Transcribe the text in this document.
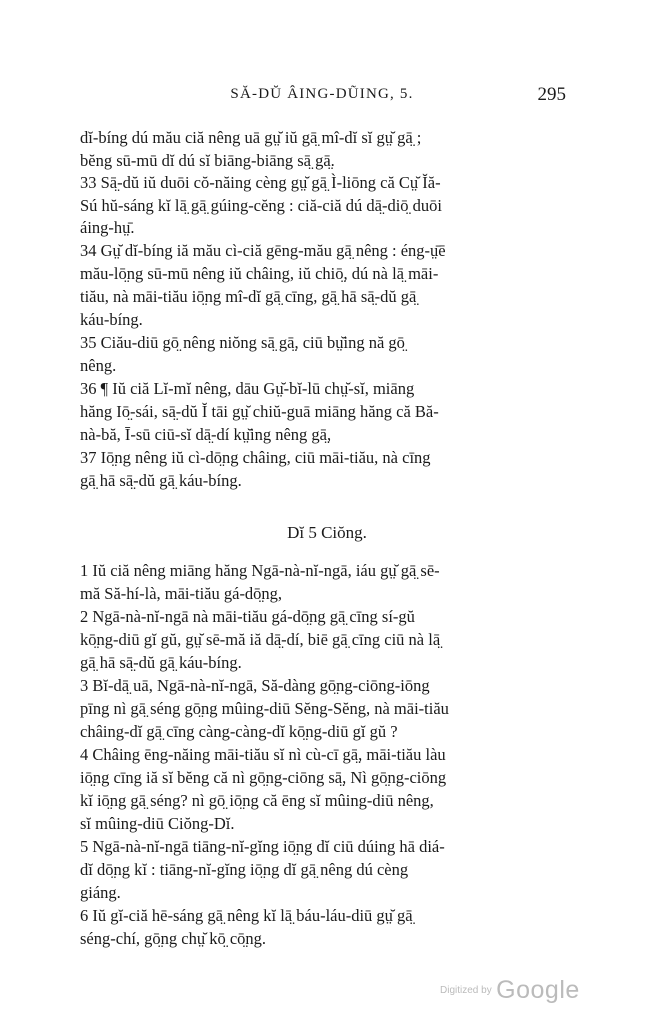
SĂ-DŬ ÂING-DŨING, 5.	295
dĭ-bíng dú mău ciă nêng uā gṳ̆ iŭ gā̤ mî-dĭ sĭ gṳ̆ gā̤ ;
bĕng sū-mū dĭ dú sĭ biāng-biāng sā̤ gā̤.
33 Sā̤-dŭ iŭ duōi cŏ-năing cèng gṳ̆ gā̤ Ì-liōng că Cṳ̆ Ĭă-
Sú hŭ-sáng kĭ lā̤ gā̤ gúing-cĕng : ciă-ciă dú dā̤-diō̤ duōi
áing-hṳ̄.
34 Gṳ̆ dĭ-bíng iă mău cì-ciă gēng-mău gā̤ nêng : éng-ṳ̄ē
mău-lō̤ng sū-mū nêng iŭ châing, iŭ chiō̤, dú nà lā̤ māi-
tiău, nà māi-tiău iō̤ng mî-dĭ gā̤ cīng, gā̤ hā sā̤-dŭ gā̤
káu-bíng.
35 Ciău-diū gō̤ nêng niŏng sā̤ gā̤, ciū bṳ̆ing nă gō̤
nêng.
36 ¶ Iŭ ciă Lĭ-mĭ nêng, dāu Gṳ̆-bĭ-lū chṳ̆-sĭ, miāng
hăng Iō̤-sái, sā̤-dŭ Ĭ tāi gṳ̆ chiŭ-guā miāng hăng că Bă-
nà-bă, Ī-sū ciū-sĭ dā̤-dí kṳ̆ing nêng gā̤,
37 Iō̤ng nêng iŭ cì-dō̤ng châing, ciū māi-tiău, nà cīng
gā̤ hā sā̤-dŭ gā̤ káu-bíng.
Dĭ 5 Ciŏng.
1 Iŭ ciă nêng miāng hăng Ngā-nà-nĭ-ngā, iáu gṳ̆ gā̤ sē-
mă Să-hí-là, māi-tiău gá-dō̤ng,
2 Ngā-nà-nĭ-ngā nà māi-tiău gá-dō̤ng gā̤ cīng sí-gŭ
kō̤ng-diū gĭ gŭ, gṳ̆ sē-mă iă dā̤-dí, biē gā̤ cīng ciū nà lā̤
gā̤ hā sā̤-dŭ gā̤ káu-bíng.
3 Bĭ-dā̤ uā, Ngā-nà-nĭ-ngā, Să-dàng gō̤ng-ciōng-iōng
pīng nì gā̤ séng gō̤ng mûing-diū Sĕng-Sĕng, nà māi-tiău
châing-dĭ gā̤ cīng càng-càng-dĭ kō̤ng-diū gĭ gŭ ?
4 Châing ēng-năing māi-tiău sĭ nì cù-cī gā̤, māi-tiău làu
iō̤ng cīng iă sĭ bĕng că nì gō̤ng-ciōng sā̤, Nì gō̤ng-ciōng
kĭ iō̤ng gā̤ séng? nì gō̤ iō̤ng că ēng sĭ mûing-diū nêng,
sĭ mûing-diū Ciŏng-Dĭ.
5 Ngā-nà-nĭ-ngā tiāng-nĭ-gĭng iō̤ng dĭ ciū dúing hā diá-
dĭ dō̤ng kĭ : tiāng-nĭ-gĭng iō̤ng dĭ gā̤ nêng dú cèng
giáng.
6 Iŭ gĭ-ciă hē-sáng gā̤ nêng kĭ lā̤ báu-láu-diū gṳ̆ gā̤
séng-chí, gō̤ng chṳ̆ kō̤ cō̤ng.
Digitized by Google
